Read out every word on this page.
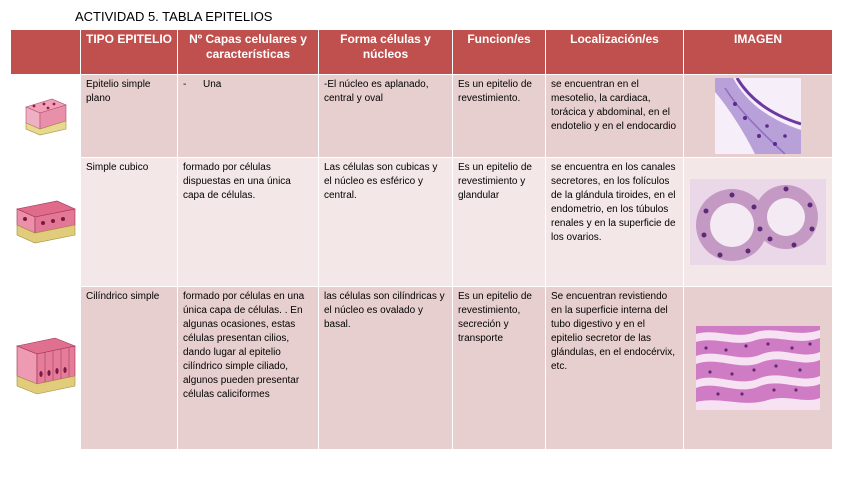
ACTIVIDAD 5. TABLA EPITELIOS
	TIPO EPITELIO	Nº Capas celulares y características	Forma células y núcleos	Funcion/es	Localización/es	IMAGEN

	Epitelio simple plano	-      Una	-El núcleo es aplanado, central y oval	Es un epitelio de revestimiento.	se encuentran en el mesotelio, la cardiaca, torácica y abdominal, en el endotelio y en el endocardio	

	Simple cubico	formado por células dispuestas en una única capa de células.	Las células son cubicas y el núcleo es esférico y central.	Es un epitelio de revestimiento y glandular	se encuentra en los canales secretores, en los folículos de la glándula tiroides, en el endometrio, en los túbulos renales y en la superficie de los ovarios.	

	Cilíndrico simple	formado por células en una única capa de células. . En algunas ocasiones, estas células presentan cilios, dando lugar al epitelio cilíndrico simple ciliado, algunos pueden presentar células caliciformes	las células son cilíndricas y el núcleo es ovalado y basal.	Es un epitelio de revestimiento, secreción y transporte	Se encuentran revistiendo en la superficie interna del tubo digestivo y en el epitelio secretor de las glándulas, en el endocérvix, etc.	
